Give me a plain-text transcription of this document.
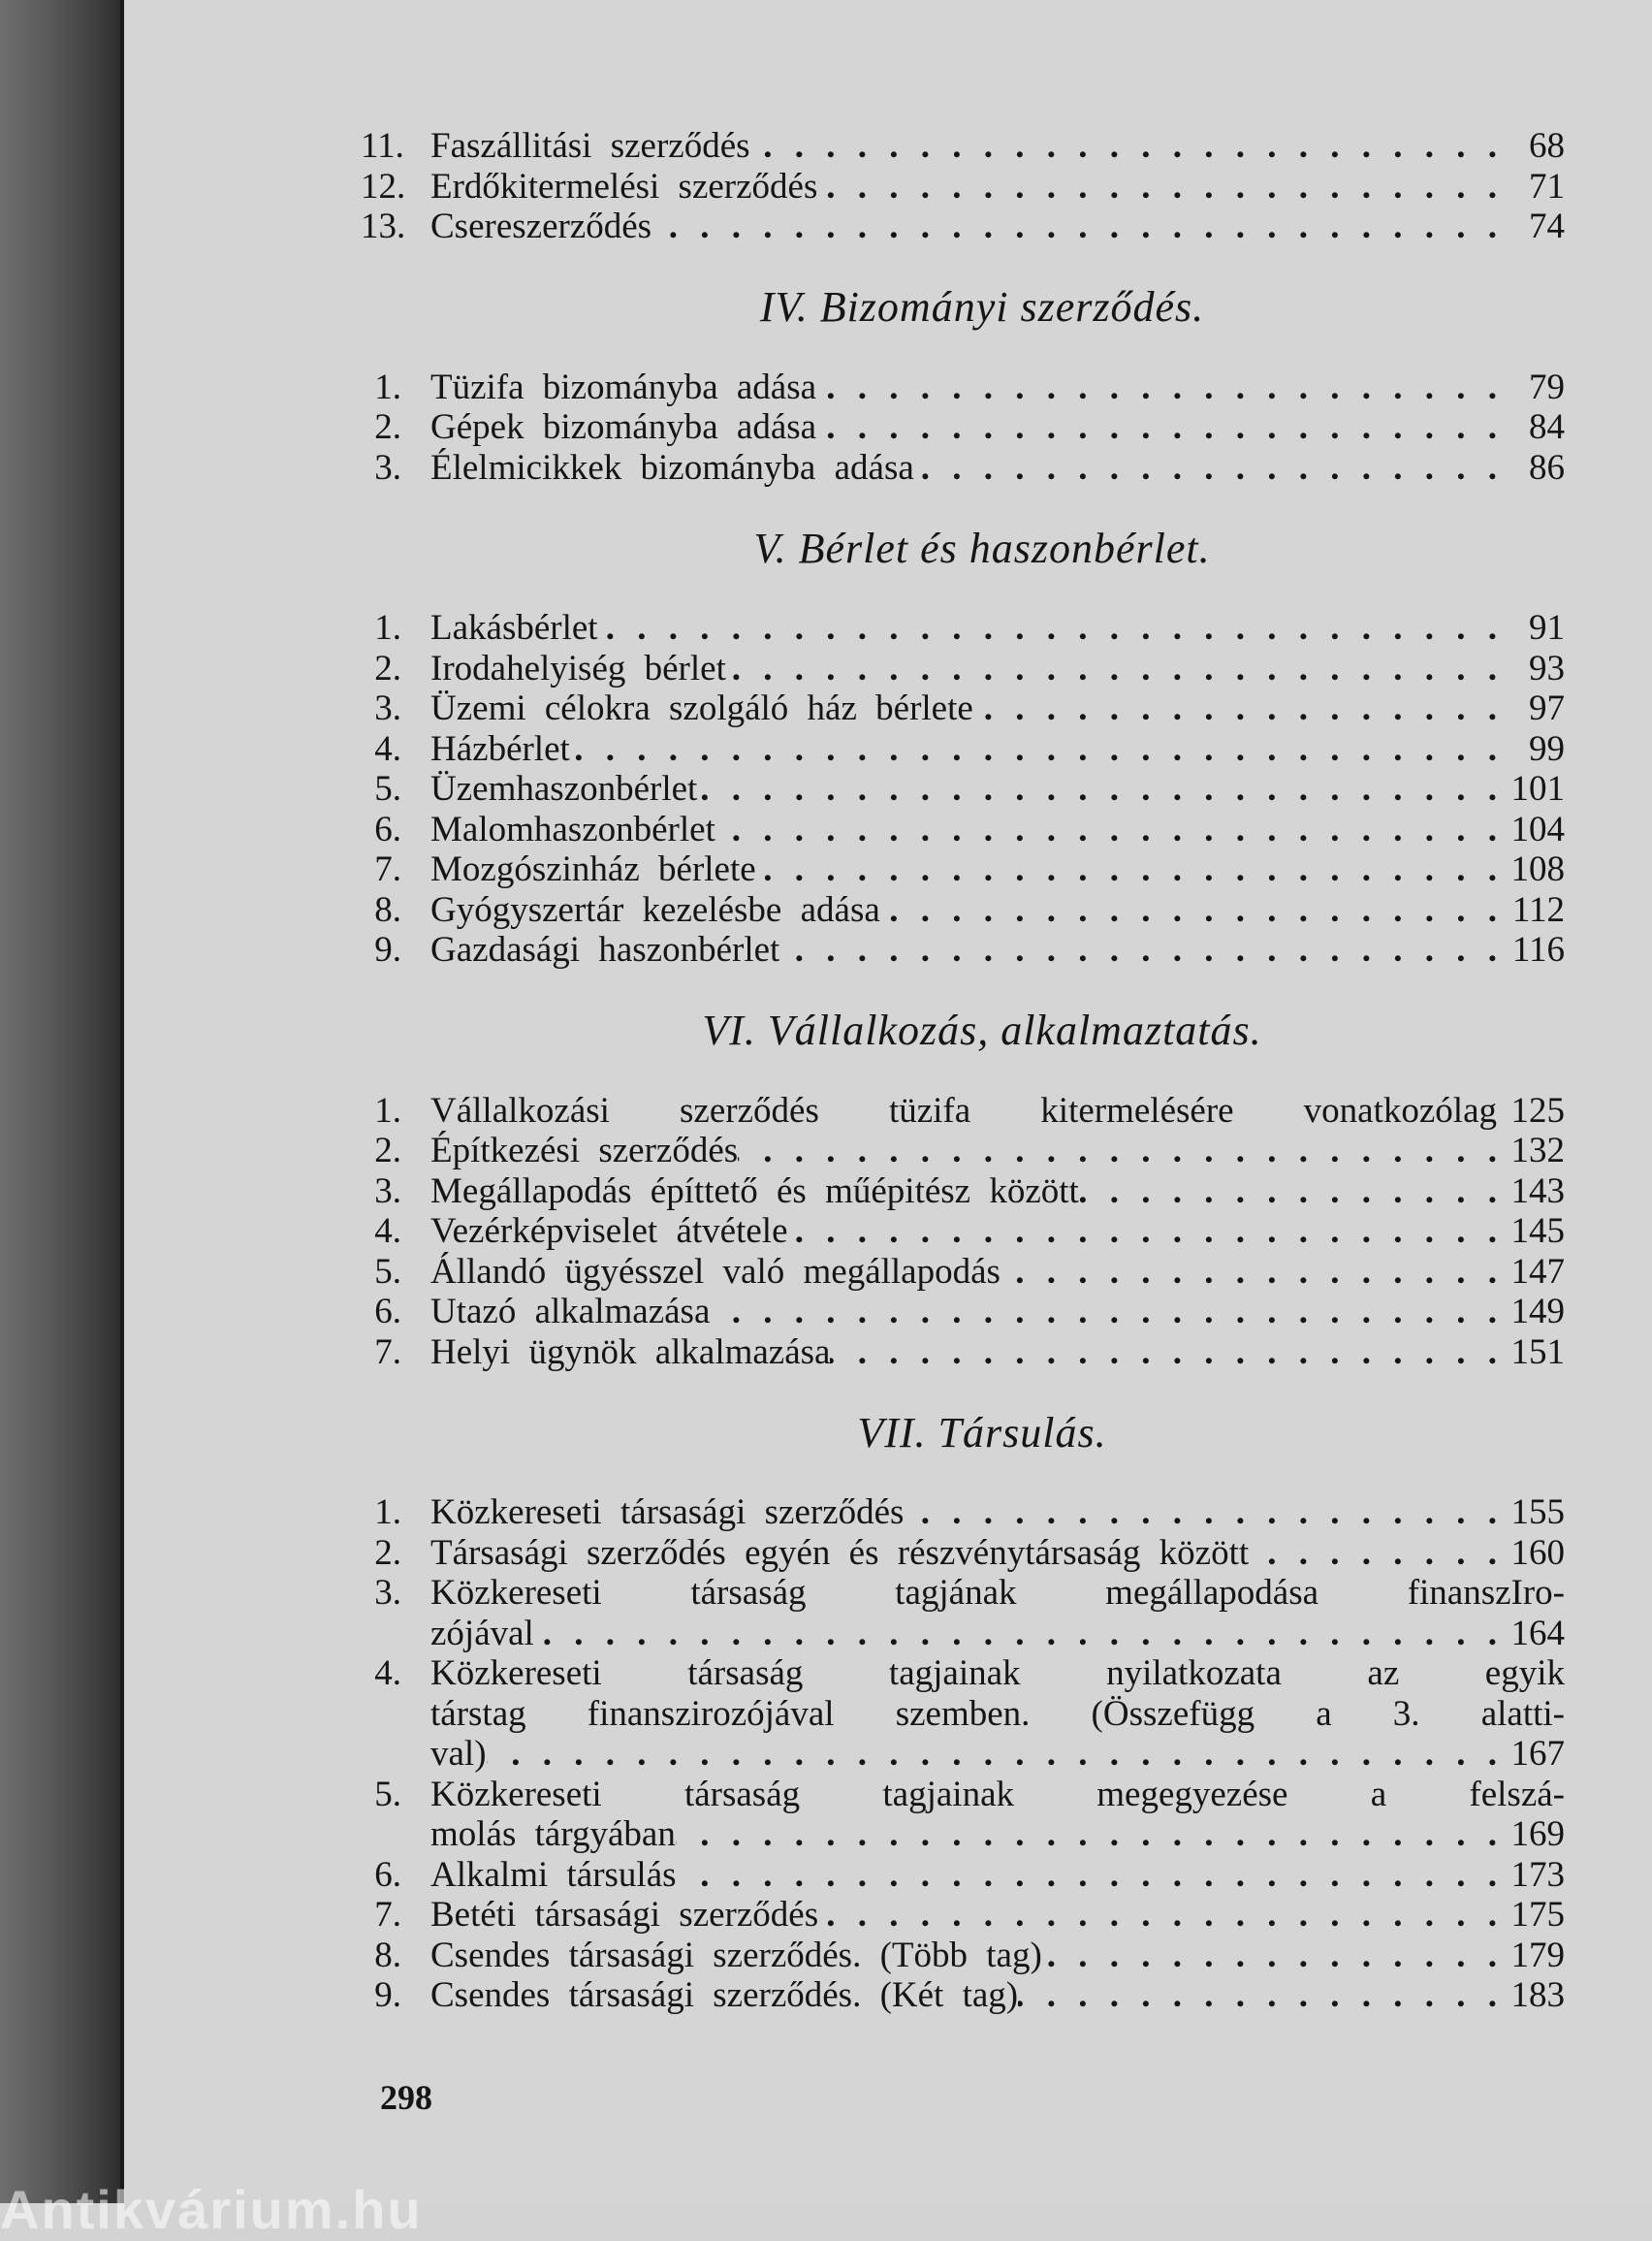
11. Faszállitási szerződés . . .	68
12. Erdőkitermelési szerződés . . .	71
13. Csereszerződés . . .	74
IV. Bizományi szerződés.
1. Tüzifa bizományba adása . . .	79
2. Gépek bizományba adása . . .	84
3. Élelmicikkek bizományba adása . . .	86
V. Bérlet és haszonbérlet.
1. Lakásbérlet . . .	91
2. Irodahelyiség bérlet . . .	93
3. Üzemi célokra szolgáló ház bérlete . . .	97
4. Házbérlet . . .	99
5. Üzemhaszonbérlet . . .	101
6. Malomhaszonbérlet . . .	104
7. Mozgószinház bérlete . . .	108
8. Gyógyszertár kezelésbe adása . . .	112
9. Gazdasági haszonbérlet . . .	116
VI. Vállalkozás, alkalmaztatás.
1. Vállalkozási szerződés tüzifa kitermelésére vonatkozólag 125
2. Építkezési szerződés . . .	132
3. Megállapodás építtető és műépitész között . . .	143
4. Vezérképviselet átvétele . . .	145
5. Állandó ügyésszel való megállapodás . . .	147
6. Utazó alkalmazása . . .	149
7. Helyi ügynök alkalmazása . . .	151
VII. Társulás.
1. Közkereseti társasági szerződés . . .	155
2. Társasági szerződés egyén és részvénytársaság között . . .	160
3. Közkereseti társaság tagjának megállapodása finanszIro-
zójával . . .	164
4. Közkereseti társaság tagjainak nyilatkozata az egyik
társtag finanszirozójával szemben. (Összefügg a 3. alatti-
val) . . .	167
5. Közkereseti társaság tagjainak megegyezése a felszá-
molás tárgyában . . .	169
6. Alkalmi társulás . . .	173
7. Betéti társasági szerződés . . .	175
8. Csendes társasági szerződés. (Több tag) . . .	179
9. Csendes társasági szerződés. (Két tag) . . .	183
298
Antikvárium.hu
